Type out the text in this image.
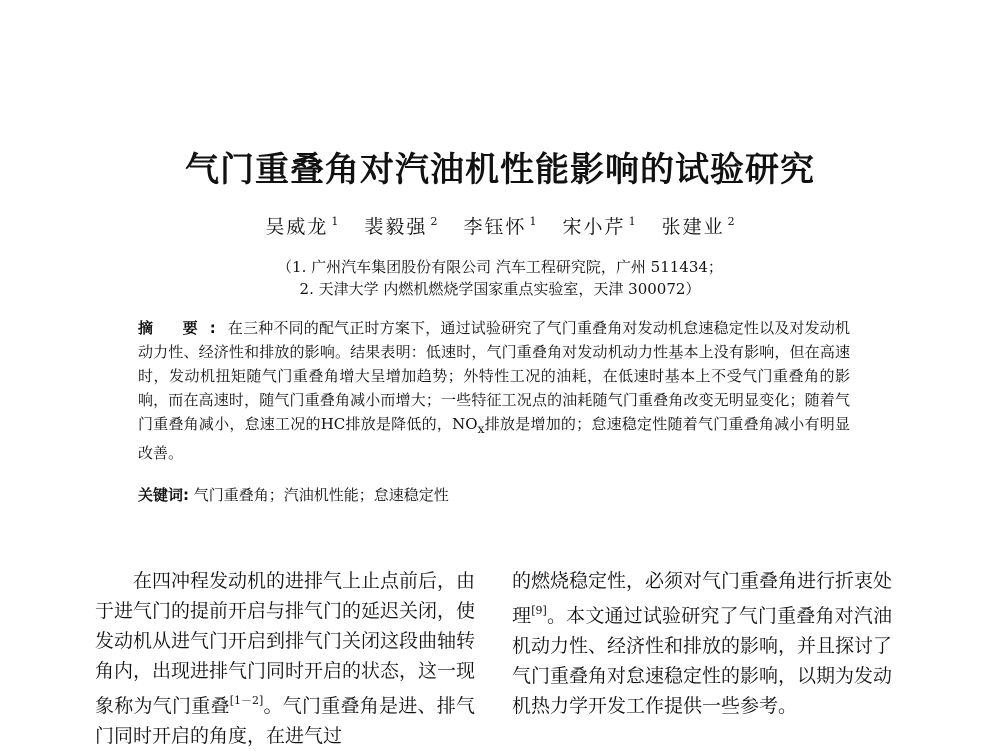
气门重叠角对汽油机性能影响的试验研究
吴威龙 $^1$ 裴毅强 $^2$ 李钰怀 $^1$ 宋小芹 $^1$ 张建业 $^2$
（1. 广州汽车集团股份有限公司 汽车工程研究院，广州 511434；
2. 天津大学 内燃机燃烧学国家重点实验室，天津 300072）
摘 要:在三种不同的配气正时方案下，通过试验研究了气门重叠角对发动机怠速稳定性以及对发动机动力性、经济性和排放的影响。结果表明：低速时，气门重叠角对发动机动力性基本上没有影响，但在高速时，发动机扭矩随气门重叠角增大呈增加趋势；外特性工况的油耗，在低速时基本上不受气门重叠角的影响，而在高速时，随气门重叠角减小而增大；一些特征工况点的油耗随气门重叠角改变无明显变化；随着气门重叠角减小，怠速工况的HC排放是降低的，$NO_x$排放是增加的；怠速稳定性随着气门重叠角减小有明显改善。
关键词: 气门重叠角；汽油机性能；怠速稳定性
在四冲程发动机的进排气上止点前后，由于进气门的提前开启与排气门的延迟关闭，使发动机从进气门开启到排气门关闭这段曲轴转角内，出现进排气门同时开启的状态，这一现象称为气门重叠[1－2]。气门重叠角是进、排气门同时开启的角度，在进气过
的燃烧稳定性，必须对气门重叠角进行折衷处理[9]。本文通过试验研究了气门重叠角对汽油机动力性、经济性和排放的影响，并且探讨了气门重叠角对怠速稳定性的影响，以期为发动机热力学开发工作提供一些参考。
